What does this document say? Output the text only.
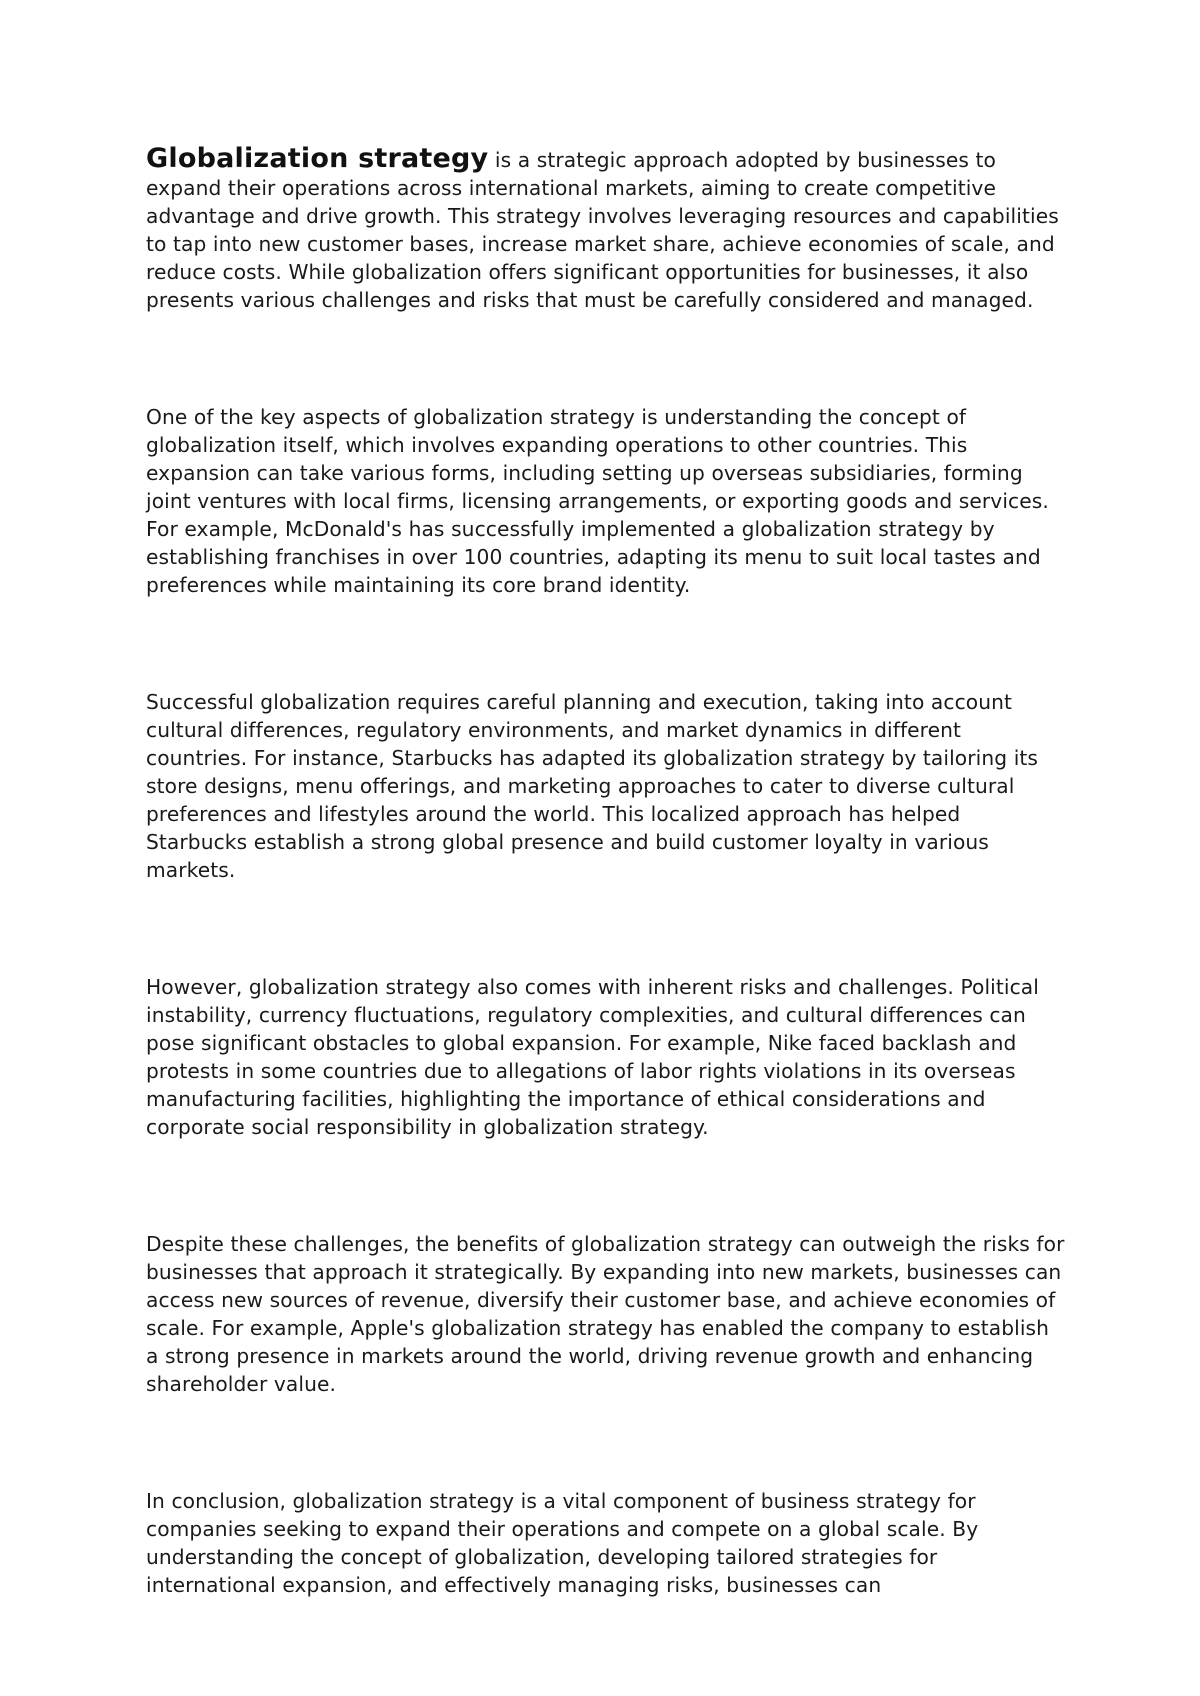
Globalization strategy is a strategic approach adopted by businesses to expand their operations across international markets, aiming to create competitive advantage and drive growth. This strategy involves leveraging resources and capabilities to tap into new customer bases, increase market share, achieve economies of scale, and reduce costs. While globalization offers significant opportunities for businesses, it also presents various challenges and risks that must be carefully considered and managed.

One of the key aspects of globalization strategy is understanding the concept of globalization itself, which involves expanding operations to other countries. This expansion can take various forms, including setting up overseas subsidiaries, forming joint ventures with local firms, licensing arrangements, or exporting goods and services. For example, McDonald's has successfully implemented a globalization strategy by establishing franchises in over 100 countries, adapting its menu to suit local tastes and preferences while maintaining its core brand identity.

Successful globalization requires careful planning and execution, taking into account cultural differences, regulatory environments, and market dynamics in different countries. For instance, Starbucks has adapted its globalization strategy by tailoring its store designs, menu offerings, and marketing approaches to cater to diverse cultural preferences and lifestyles around the world. This localized approach has helped Starbucks establish a strong global presence and build customer loyalty in various markets.

However, globalization strategy also comes with inherent risks and challenges. Political instability, currency fluctuations, regulatory complexities, and cultural differences can pose significant obstacles to global expansion. For example, Nike faced backlash and protests in some countries due to allegations of labor rights violations in its overseas manufacturing facilities, highlighting the importance of ethical considerations and corporate social responsibility in globalization strategy.

Despite these challenges, the benefits of globalization strategy can outweigh the risks for businesses that approach it strategically. By expanding into new markets, businesses can access new sources of revenue, diversify their customer base, and achieve economies of scale. For example, Apple's globalization strategy has enabled the company to establish a strong presence in markets around the world, driving revenue growth and enhancing shareholder value.

In conclusion, globalization strategy is a vital component of business strategy for companies seeking to expand their operations and compete on a global scale. By understanding the concept of globalization, developing tailored strategies for international expansion, and effectively managing risks, businesses can
